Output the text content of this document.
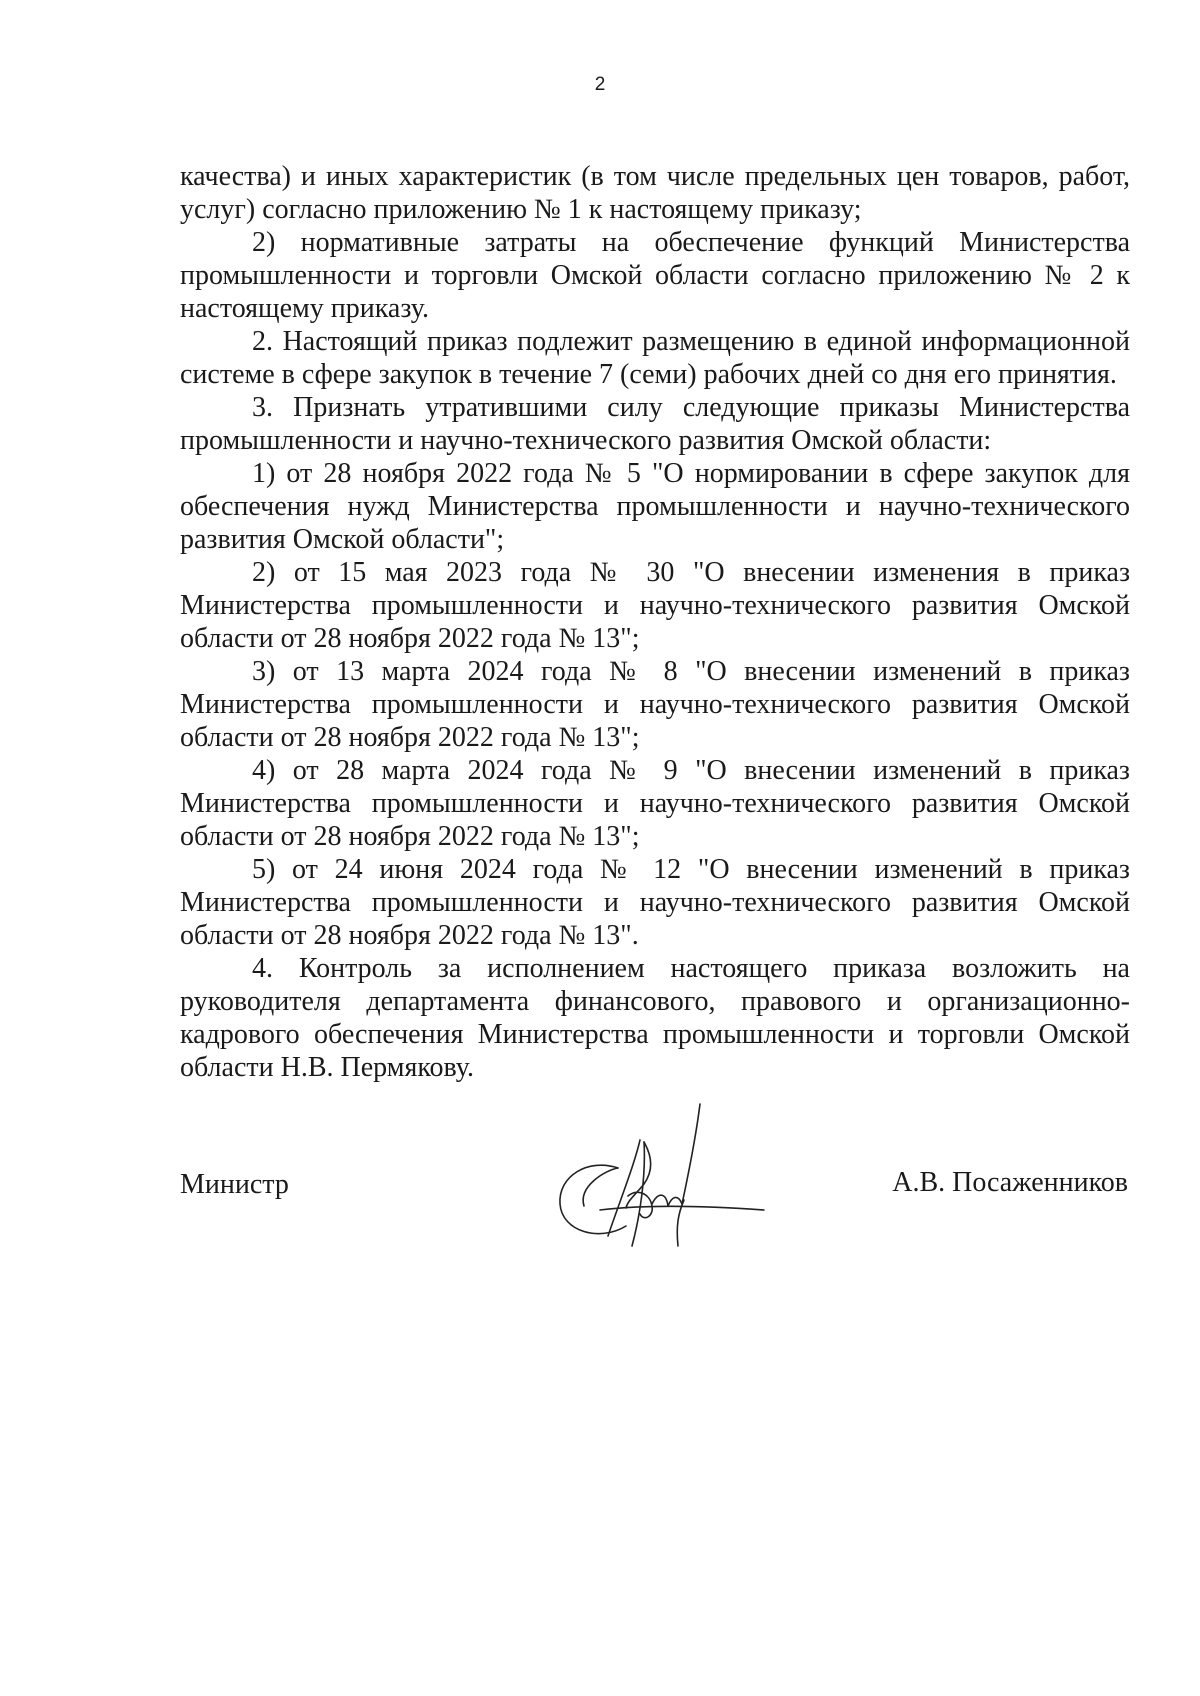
2

качества) и иных характеристик (в том числе предельных цен товаров, работ, услуг) согласно приложению № 1 к настоящему приказу;

2) нормативные затраты на обеспечение функций Министерства промышленности и торговли Омской области согласно приложению № 2 к настоящему приказу.

2. Настоящий приказ подлежит размещению в единой информационной системе в сфере закупок в течение 7 (семи) рабочих дней со дня его принятия.

3. Признать утратившими силу следующие приказы Министерства промышленности и научно-технического развития Омской области:

1) от 28 ноября 2022 года № 5 "О нормировании в сфере закупок для обеспечения нужд Министерства промышленности и научно-технического развития Омской области";

2) от 15 мая 2023 года № 30 "О внесении изменения в приказ Министерства промышленности и научно-технического развития Омской области от 28 ноября 2022 года № 13";

3) от 13 марта 2024 года № 8 "О внесении изменений в приказ Министерства промышленности и научно-технического развития Омской области от 28 ноября 2022 года № 13";

4) от 28 марта 2024 года № 9 "О внесении изменений в приказ Министерства промышленности и научно-технического развития Омской области от 28 ноября 2022 года № 13";

5) от 24 июня 2024 года № 12 "О внесении изменений в приказ Министерства промышленности и научно-технического развития Омской области от 28 ноября 2022 года № 13".

4. Контроль за исполнением настоящего приказа возложить на руководителя департамента финансового, правового и организационно-кадрового обеспечения Министерства промышленности и торговли Омской области Н.В. Пермякову.

Министр	А.В. Посаженников
